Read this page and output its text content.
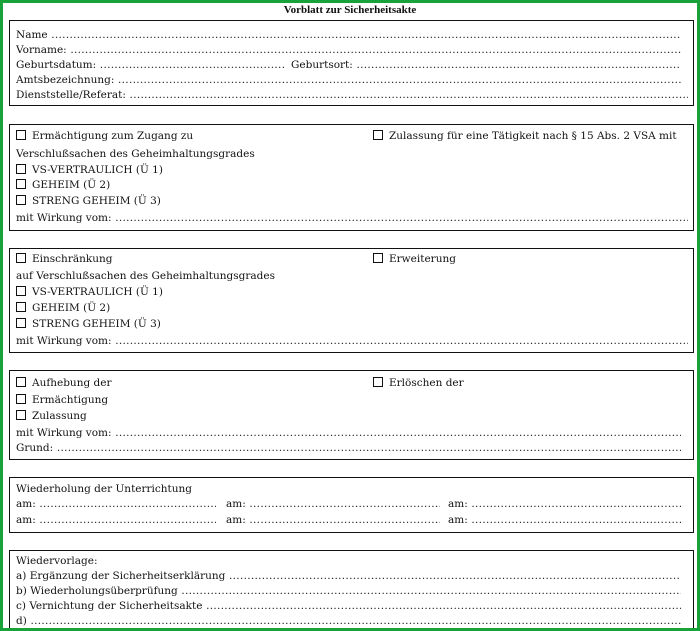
Vorblatt zur Sicherheitsakte
Name .....
Vorname: .....
Geburtsdatum: .....	Geburtsort: .....
Amtsbezeichnung: .....
Dienststelle/Referat: .....
Ermächtigung zum Zugang zu	Zulassung für eine Tätigkeit nach § 15 Abs. 2 VSA mit
Verschlußsachen des Geheimhaltungsgrades
VS-VERTRAULICH (Ü 1)
GEHEIM (Ü 2)
STRENG GEHEIM (Ü 3)
mit Wirkung vom: .....
Einschränkung	Erweiterung
auf Verschlußsachen des Geheimhaltungsgrades
VS-VERTRAULICH (Ü 1)
GEHEIM (Ü 2)
STRENG GEHEIM (Ü 3)
mit Wirkung vom: .....
Aufhebung der	Erlöschen der
Ermächtigung
Zulassung
mit Wirkung vom: .....
Grund: .....
Wiederholung der Unterrichtung
am: .....	am: .....	am: .....
am: .....	am: .....	am: .....
Wiedervorlage:
a) Ergänzung der Sicherheitserklärung .....
b) Wiederholungsüberprüfung .....
c) Vernichtung der Sicherheitsakte .....
d) .....
